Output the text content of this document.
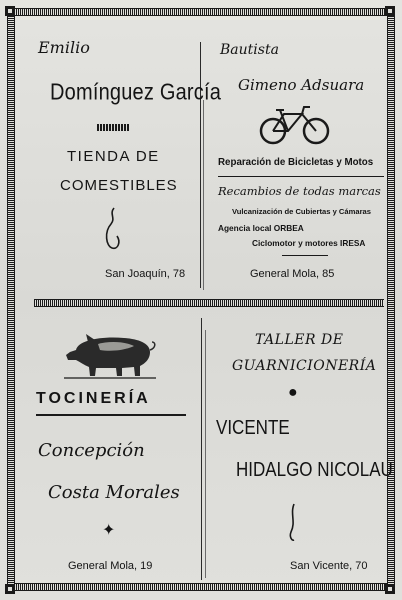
Emilio
Domínguez García
TIENDA DE
COMESTIBLES
San Joaquín, 78
Bautista
Gimeno Adsuara
Reparación de Bicicletas y Motos
Recambios de todas marcas
Vulcanización de Cubiertas y Cámaras
Agencia local ORBEA
Ciclomotor y motores IRESA
General Mola, 85
TOCINERÍA
Concepción
Costa Morales
✦
General Mola, 19
TALLER DE
GUARNICIONERÍA
●
VICENTE
HIDALGO NICOLAU
San Vicente, 70
